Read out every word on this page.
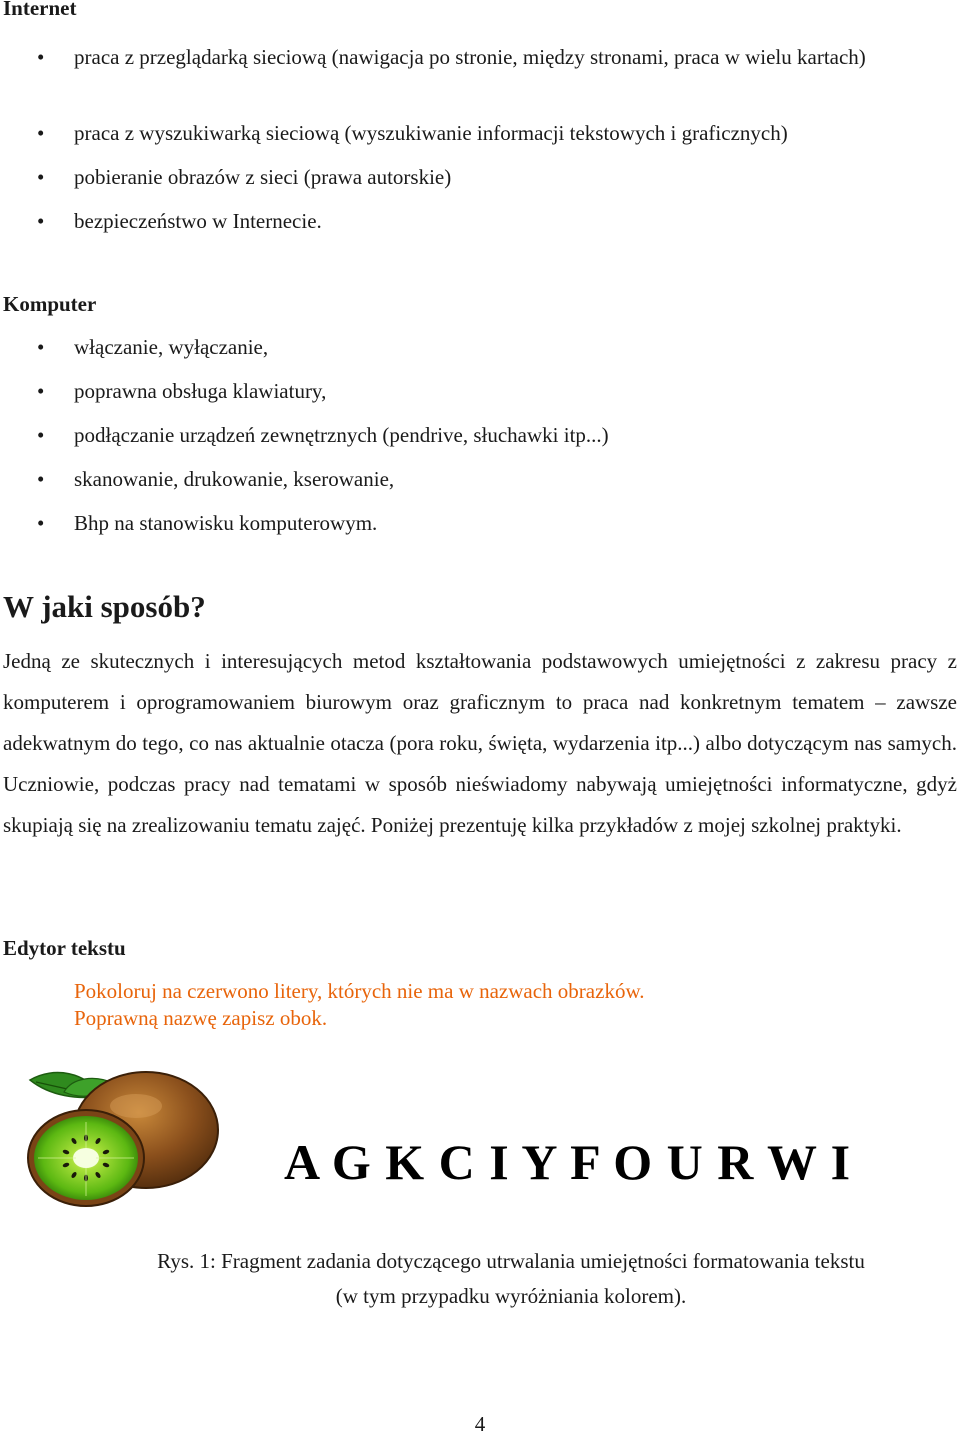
Internet
• praca z przeglądarką sieciową (nawigacja po stronie, między stronami, praca w wielu kartach)
• praca z wyszukiwarką sieciową (wyszukiwanie informacji tekstowych i graficznych)
• pobieranie obrazów z sieci (prawa autorskie)
• bezpieczeństwo w Internecie.
Komputer
• włączanie, wyłączanie,
• poprawna obsługa klawiatury,
• podłączanie urządzeń zewnętrznych (pendrive, słuchawki itp...)
• skanowanie, drukowanie, kserowanie,
• Bhp na stanowisku komputerowym.
W jaki sposób?

Jedną ze skutecznych i interesujących metod kształtowania podstawowych umiejętności z zakresu pracy z komputerem i oprogramowaniem biurowym oraz graficznym to praca nad konkretnym tematem – zawsze adekwatnym do tego, co nas aktualnie otacza (pora roku, święta, wydarzenia itp...) albo dotyczącym nas samych. Uczniowie, podczas pracy nad tematami w sposób nieświadomy nabywają umiejętności informatyczne, gdyż skupiają się na zrealizowaniu tematu zajęć. Poniżej prezentuję kilka przykładów z mojej szkolnej praktyki.

Edytor tekstu
Pokoloruj na czerwono litery, których nie ma w nazwach obrazków.
Poprawną nazwę zapisz obok.
A G K C I Y F O U R W I
Rys. 1: Fragment zadania dotyczącego utrwalania umiejętności formatowania tekstu
(w tym przypadku wyróżniania kolorem).
4
